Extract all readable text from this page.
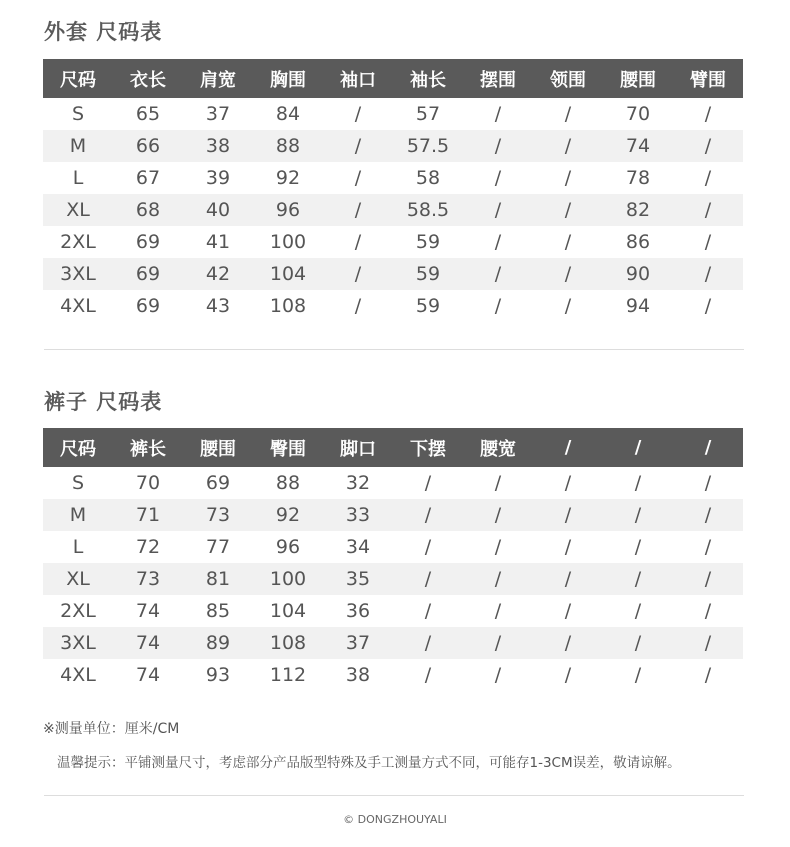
外套 尺码表
尺码	衣长	肩宽	胸围	袖口	袖长	摆围	领围	腰围	臂围
S	65	37	84	/	57	/	/	70	/
M	66	38	88	/	57.5	/	/	74	/
L	67	39	92	/	58	/	/	78	/
XL	68	40	96	/	58.5	/	/	82	/
2XL	69	41	100	/	59	/	/	86	/
3XL	69	42	104	/	59	/	/	90	/
4XL	69	43	108	/	59	/	/	94	/
裤子 尺码表
尺码	裤长	腰围	臀围	脚口	下摆	腰宽	/	/	/
S	70	69	88	32	/	/	/	/	/
M	71	73	92	33	/	/	/	/	/
L	72	77	96	34	/	/	/	/	/
XL	73	81	100	35	/	/	/	/	/
2XL	74	85	104	36	/	/	/	/	/
3XL	74	89	108	37	/	/	/	/	/
4XL	74	93	112	38	/	/	/	/	/
※测量单位：厘米/CM
温馨提示：平铺测量尺寸，考虑部分产品版型特殊及手工测量方式不同，可能存1-3CM误差，敬请谅解。
© DONGZHOUYALI
